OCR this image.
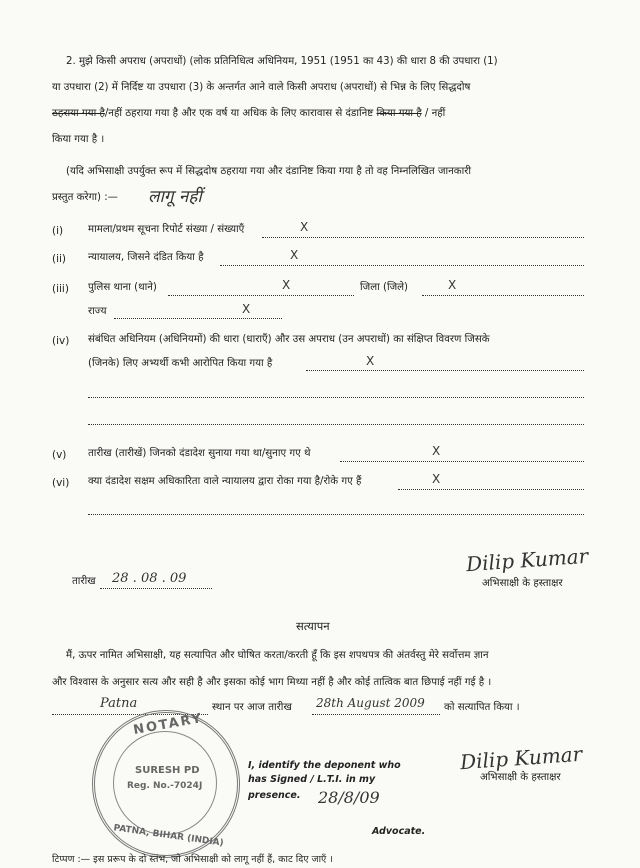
2. मुझे किसी अपराध (अपराधों) (लोक प्रतिनिधित्व अधिनियम, 1951 (1951 का 43) की धारा 8 की उपधारा (1)
या उपधारा (2) में निर्दिष्ट या उपधारा (3) के अन्तर्गत आने वाले किसी अपराध (अपराधों) से भिन्न के लिए सिद्धदोष
ठहराया गया है/नहीं ठहराया गया है और एक वर्ष या अधिक के लिए कारावास से दंडानिष्ट किया गया है / नहीं
किया गया है ।
(यदि अभिसाक्षी उपर्युक्त रूप में सिद्धदोष ठहराया गया और दंडानिष्ट किया गया है तो वह निम्नलिखित जानकारी
प्रस्तुत करेगा) :— लागू नहीं
(i) मामला/प्रथम सूचना रिपोर्ट संख्या / संख्याएँ	X
(ii) न्यायालय, जिसने दंडित किया है	X
(iii) पुलिस थाना (थाने)	X	जिला (जिले)	X
राज्य	X
(iv) संबंधित अधिनियम (अधिनियमों) की धारा (धाराएँ) और उस अपराध (उन अपराधों) का संक्षिप्त विवरण जिसके
(जिनके) लिए अभ्यर्थी कभी आरोपित किया गया है	X
(v) तारीख (तारीखें) जिनको दंडादेश सुनाया गया था/सुनाए गए थे	X
(vi) क्या दंडादेश सक्षम अधिकारिता वाले न्यायालय द्वारा रोका गया है/रोके गए हैं	X
Dilip Kumar
अभिसाक्षी के हस्ताक्षर
तारीख 28 . 08 . 09
सत्यापन
मैं, ऊपर नामित अभिसाक्षी, यह सत्यापित और घोषित करता/करती हूँ कि इस शपथपत्र की अंतर्वस्तु मेरे सर्वोत्तम ज्ञान
और विश्वास के अनुसार सत्य और सही है और इसका कोई भाग मिथ्या नहीं है और कोई तात्विक बात छिपाई नहीं गई है ।
Patna	स्थान पर आज तारीख 28th August 2009 को सत्यापित किया ।
NOTARY
SURESH PD
Reg. No.-7024J
PATNA, BIHAR (INDIA)
I, identify the deponent who
has Signed / L.T.I. in my
presence. 28/8/09
Advocate.
Dilip Kumar
अभिसाक्षी के हस्ताक्षर
टिप्पण :— इस प्ररूप के दो स्तंभ, जो अभिसाक्षी को लागू नहीं हैं, काट दिए जाएँ ।
